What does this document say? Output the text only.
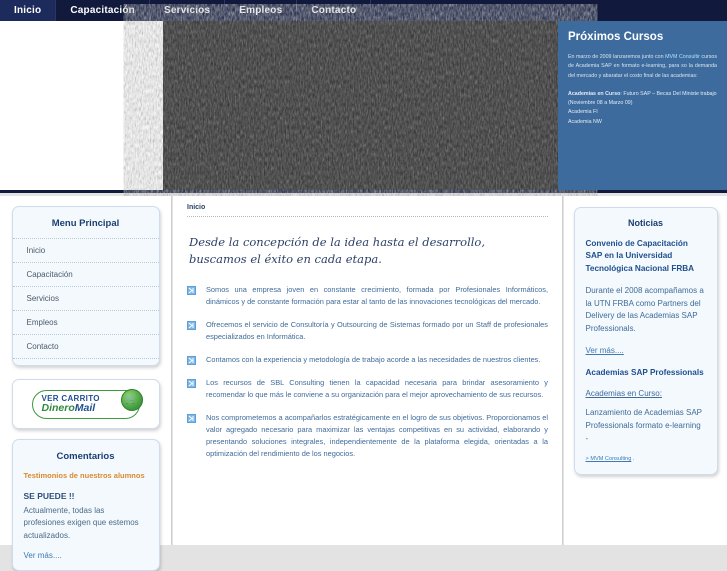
Inicio	Capacitación	Servicios	Empleos	Contacto
Próximos Cursos

En marzo de 2009 lanzaremos junto con MVM Consultir cursos de Academia SAP en formato e-learning, para so la demanda del mercado y abaratar el costo final de las academias:

Academias en Curso: Futuro SAP – Becas Del Ministe trabajo (Noviembre 08 a Marzo 09)
Academia FI
Academia NW
Menu Principal
Inicio
Capacitación
Servicios
Empleos
Contacto
VER CARRITO
DineroMail
🛒
Comentarios
Testimonios de nuestros alumnos
SE PUEDE !!
Actualmente, todas las profesiones exigen que estemos actualizados.
Ver más....
Inicio
Desde la concepción de la idea hasta el desarrollo,
buscamos el éxito en cada etapa.

Somos una empresa joven en constante crecimiento, formada por Profesionales Informáticos, dinámicos y de constante formación para estar al tanto de las innovaciones tecnológicas del mercado.

Ofrecemos el servicio de Consultoría y Outsourcing de Sistemas formado por un Staff de profesionales especializados en Informática.

Contamos con la experiencia y metodología de trabajo acorde a las necesidades de nuestros clientes.

Los recursos de SBL Consulting tienen la capacidad necesaria para brindar asesoramiento y recomendar lo que más le conviene a su organización para el mejor aprovechamiento de sus recursos.

Nos comprometemos a acompañarlos estratégicamente en el logro de sus objetivos. Proporcionamos el valor agregado necesario para maximizar las ventajas competitivas en su actividad, elaborando y presentando soluciones integrales, independientemente de la plataforma elegida, orientadas a la optimización del rendimiento de los negocios.

Noticias
Convenio de Capacitación SAP en la Universidad Tecnológica Nacional FRBA
Durante el 2008 acompañamos a la UTN FRBA como Partners del Delivery de las Academias SAP Professionals.
Ver más....
Academias SAP Professionals
Academias en Curso:
Lanzamiento de Academias SAP Professionals formato e-learning -
> MVM Consulting .
